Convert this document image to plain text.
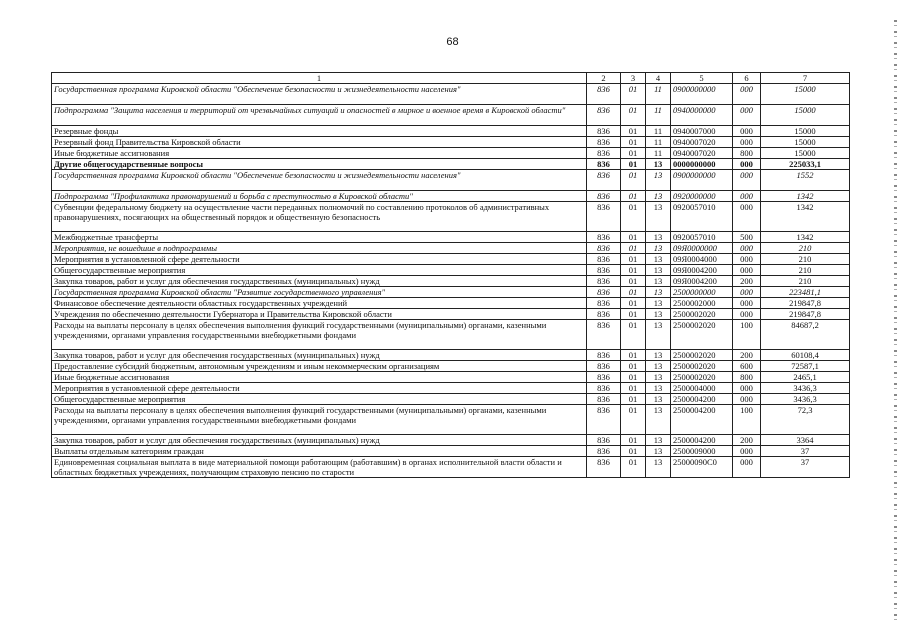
68
1	2	3	4	5	6	7
Государственная программа Кировской области "Обеспечение безопасности и жизнедеятельности населения"	836	01	11	0900000000	000	15000
Подпрограмма "Защита населения и территорий от чрезвычайных ситуаций и опасностей в мирное и военное время в Кировской области"	836	01	11	0940000000	000	15000
Резервные фонды	836	01	11	0940007000	000	15000
Резервный фонд Правительства Кировской области	836	01	11	0940007020	000	15000
Иные бюджетные ассигнования	836	01	11	0940007020	800	15000
Другие общегосударственные вопросы	836	01	13	0000000000	000	225033,1
Государственная программа Кировской области "Обеспечение безопасности и жизнедеятельности населения"	836	01	13	0900000000	000	1552
Подпрограмма "Профилактика правонарушений и борьба с преступностью в Кировской области"	836	01	13	0920000000	000	1342
Субвенции федеральному бюджету на осуществление части переданных полномочий по составлению протоколов об административных правонарушениях, посягающих на общественный порядок и общественную безопасность	836	01	13	0920057010	000	1342
Межбюджетные трансферты	836	01	13	0920057010	500	1342
Мероприятия, не вошедшие в подпрограммы	836	01	13	09Я0000000	000	210
Мероприятия в установленной сфере деятельности	836	01	13	09Я0004000	000	210
Общегосударственные мероприятия	836	01	13	09Я0004200	000	210
Закупка товаров, работ и услуг для обеспечения государственных (муниципальных) нужд	836	01	13	09Я0004200	200	210
Государственная программа Кировской области "Развитие государственного управления"	836	01	13	2500000000	000	223481,1
Финансовое обеспечение деятельности областных государственных учреждений	836	01	13	2500002000	000	219847,8
Учреждения по обеспечению деятельности Губернатора и Правительства Кировской области	836	01	13	2500002020	000	219847,8
Расходы на выплаты персоналу в целях обеспечения выполнения функций государственными (муниципальными) органами, казенными учреждениями, органами управления государственными внебюджетными фондами	836	01	13	2500002020	100	84687,2
Закупка товаров, работ и услуг для обеспечения государственных (муниципальных) нужд	836	01	13	2500002020	200	60108,4
Предоставление субсидий бюджетным, автономным учреждениям и иным некоммерческим организациям	836	01	13	2500002020	600	72587,1
Иные бюджетные ассигнования	836	01	13	2500002020	800	2465,1
Мероприятия в установленной сфере деятельности	836	01	13	2500004000	000	3436,3
Общегосударственные мероприятия	836	01	13	2500004200	000	3436,3
Расходы на выплаты персоналу в целях обеспечения выполнения функций государственными (муниципальными) органами, казенными учреждениями, органами управления государственными внебюджетными фондами	836	01	13	2500004200	100	72,3
Закупка товаров, работ и услуг для обеспечения государственных (муниципальных) нужд	836	01	13	2500004200	200	3364
Выплаты отдельным категориям граждан	836	01	13	2500009000	000	37
Единовременная социальная выплата в виде материальной помощи работающим (работавшим) в органах исполнительной власти области и областных бюджетных учреждениях, получающим страховую пенсию по старости	836	01	13	25000090С0	000	37
